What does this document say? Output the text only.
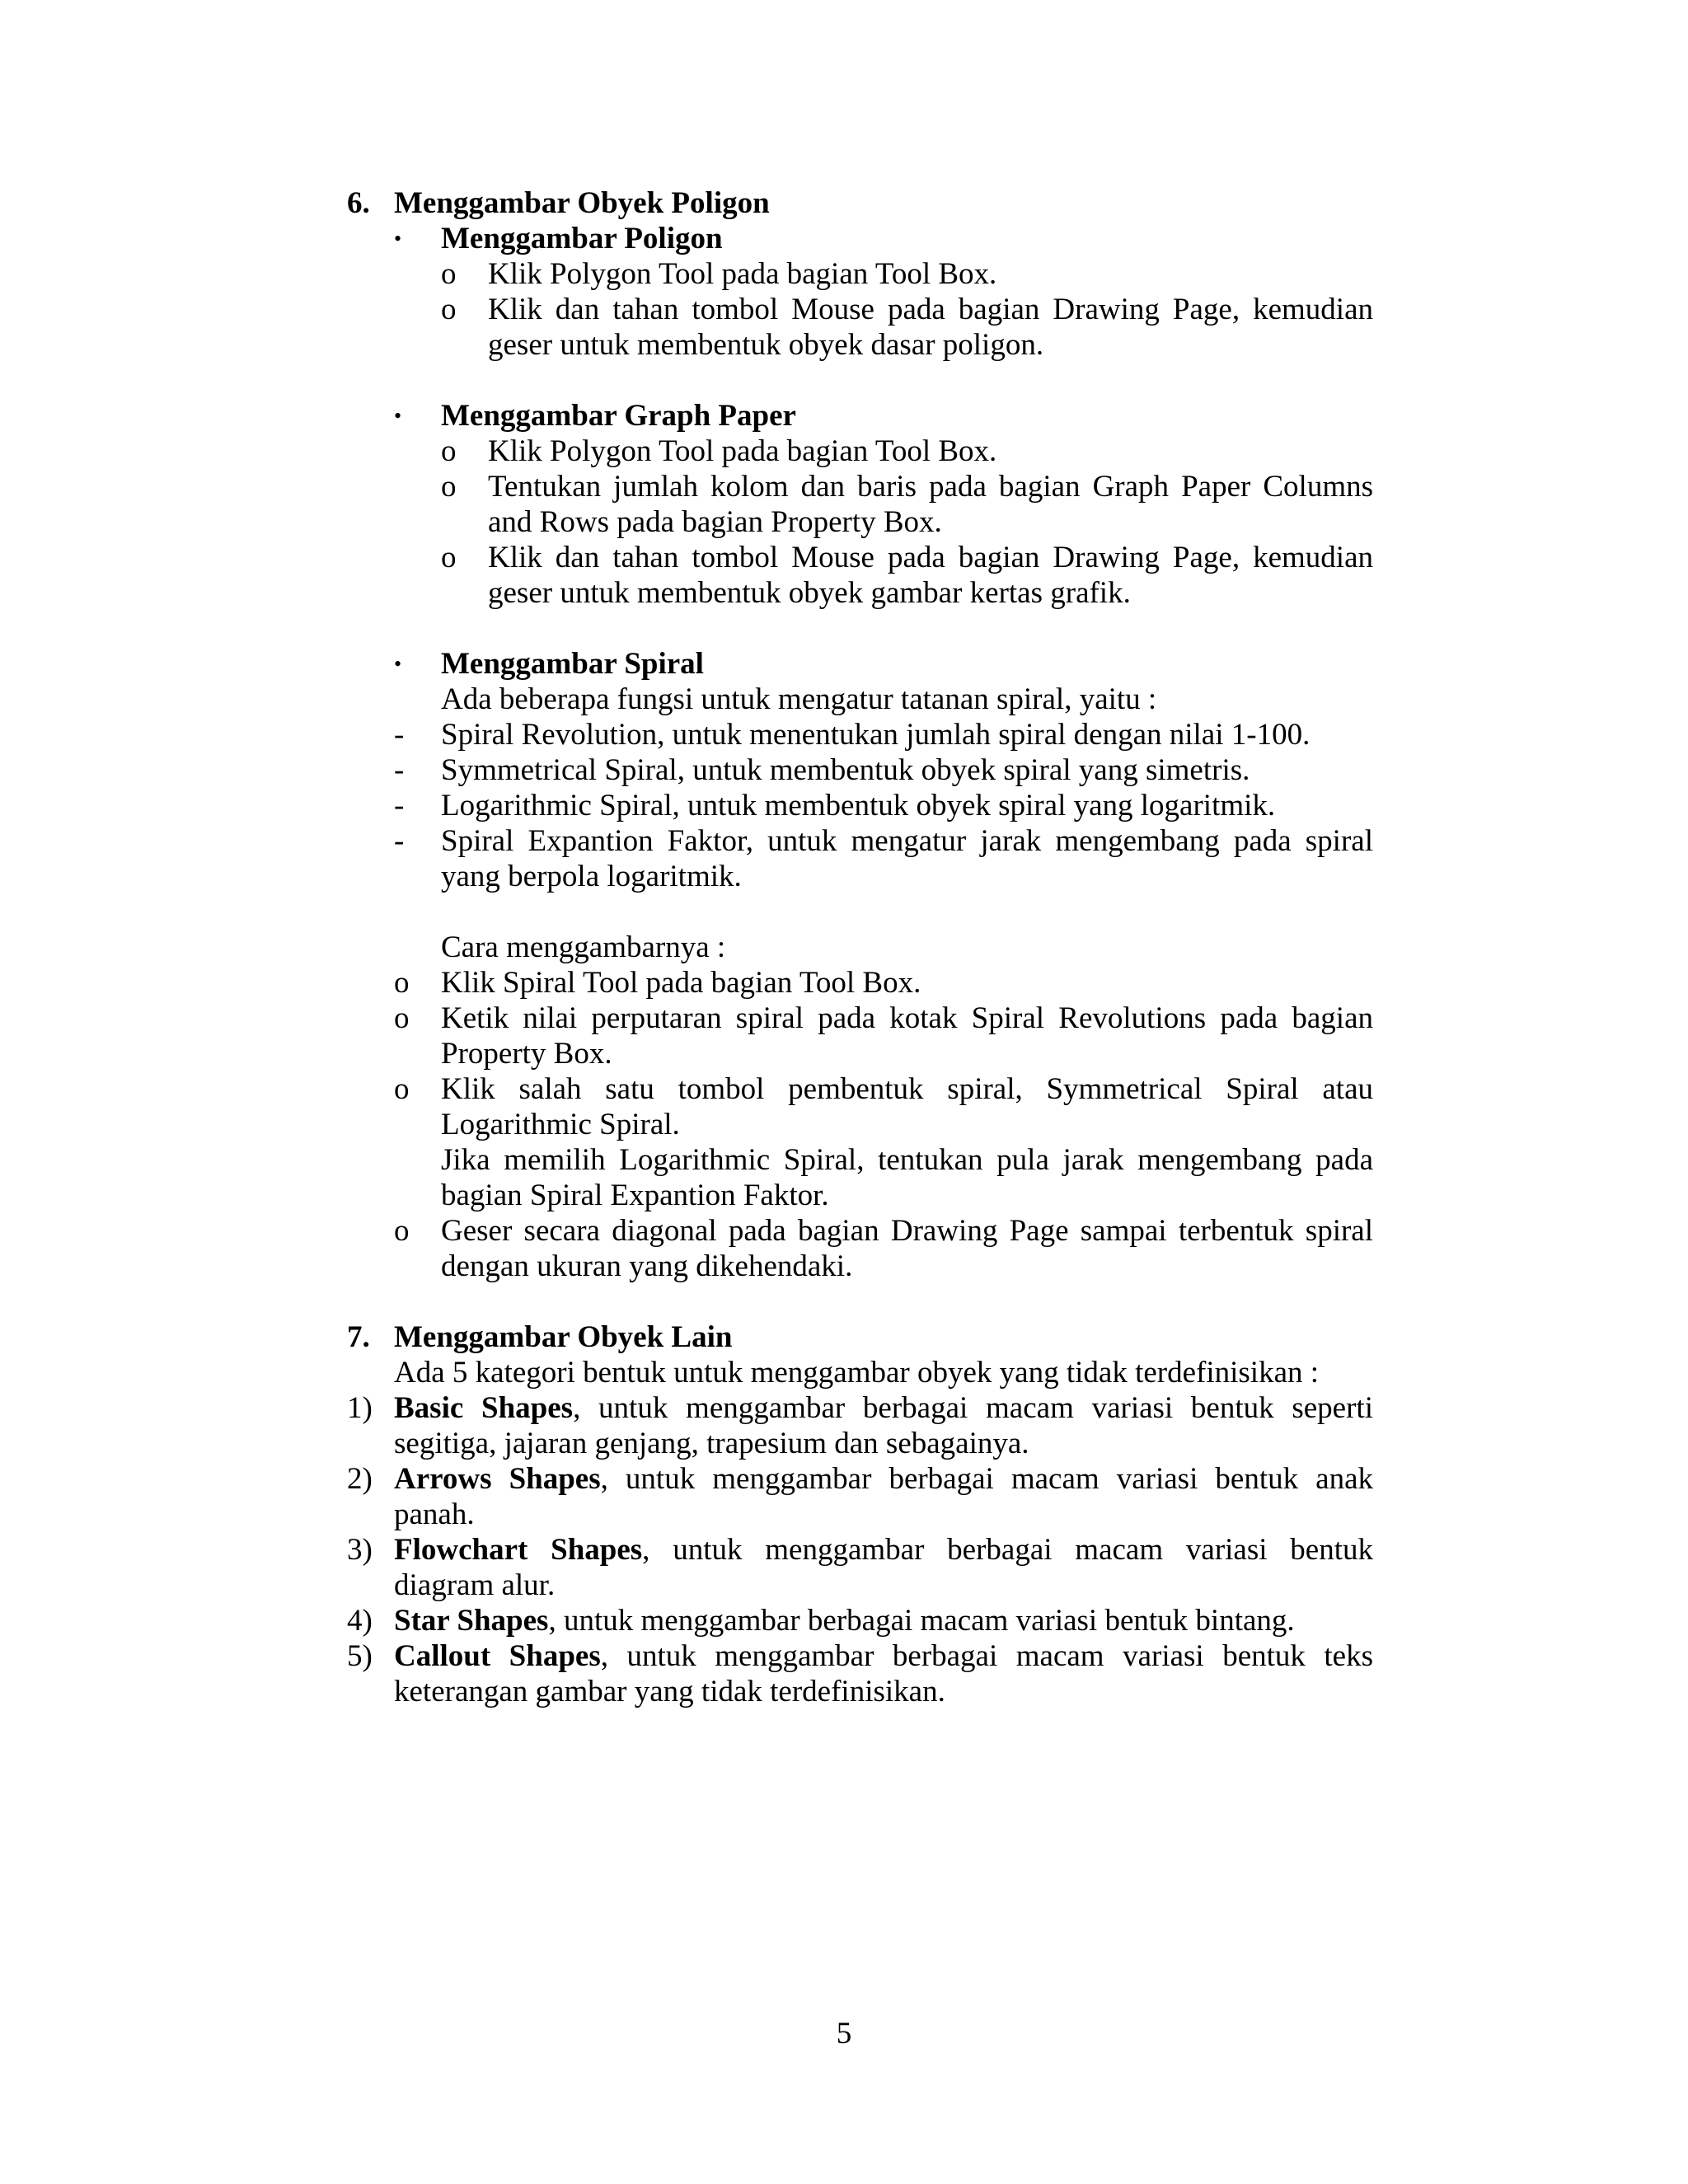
6. Menggambar Obyek Poligon
• Menggambar Poligon
o Klik Polygon Tool pada bagian Tool Box.
o Klik dan tahan tombol Mouse pada bagian Drawing Page, kemudian geser untuk membentuk obyek dasar poligon.
• Menggambar Graph Paper
o Klik Polygon Tool pada bagian Tool Box.
o Tentukan jumlah kolom dan baris pada bagian Graph Paper Columns and Rows pada bagian Property Box.
o Klik dan tahan tombol Mouse pada bagian Drawing Page, kemudian geser untuk membentuk obyek gambar kertas grafik.
• Menggambar Spiral
Ada beberapa fungsi untuk mengatur tatanan spiral, yaitu :
- Spiral Revolution, untuk menentukan jumlah spiral dengan nilai 1-100.
- Symmetrical Spiral, untuk membentuk obyek spiral yang simetris.
- Logarithmic Spiral, untuk membentuk obyek spiral yang logaritmik.
- Spiral Expantion Faktor, untuk mengatur jarak mengembang pada spiral yang berpola logaritmik.
Cara menggambarnya :
o Klik Spiral Tool pada bagian Tool Box.
o Ketik nilai perputaran spiral pada kotak Spiral Revolutions pada bagian Property Box.
o Klik salah satu tombol pembentuk spiral, Symmetrical Spiral atau Logarithmic Spiral.
Jika memilih Logarithmic Spiral, tentukan pula jarak mengembang pada bagian Spiral Expantion Faktor.
o Geser secara diagonal pada bagian Drawing Page sampai terbentuk spiral dengan ukuran yang dikehendaki.
7. Menggambar Obyek Lain
Ada 5 kategori bentuk untuk menggambar obyek yang tidak terdefinisikan :
1) Basic Shapes, untuk menggambar berbagai macam variasi bentuk seperti segitiga, jajaran genjang, trapesium dan sebagainya.
2) Arrows Shapes, untuk menggambar berbagai macam variasi bentuk anak panah.
3) Flowchart Shapes, untuk menggambar berbagai macam variasi bentuk diagram alur.
4) Star Shapes, untuk menggambar berbagai macam variasi bentuk bintang.
5) Callout Shapes, untuk menggambar berbagai macam variasi bentuk teks keterangan gambar yang tidak terdefinisikan.
5
